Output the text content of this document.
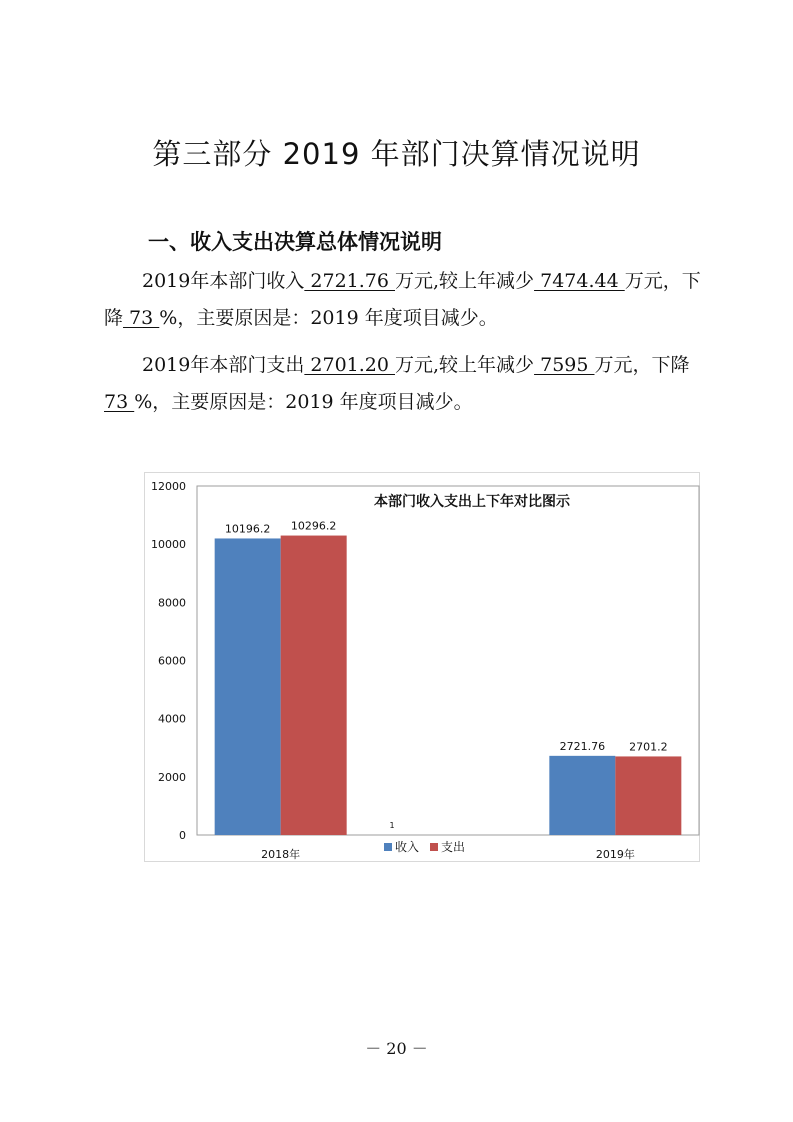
第三部分 2019 年部门决算情况说明
一、收入支出决算总体情况说明
2019年本部门收入 2721.76 万元,较上年减少 7474.44 万元，下降 73 %，主要原因是：2019 年度项目减少。
2019年本部门支出 2701.20 万元,较上年减少 7595 万元，下降 73 %，主要原因是：2019 年度项目减少。
本部门收入支出上下年对比图示
0
2000
4000
6000
8000
10000
12000
10196.2 10296.2
2721.76 2701.2
2018年	2019年
1
收入 支出
－ 20 －
